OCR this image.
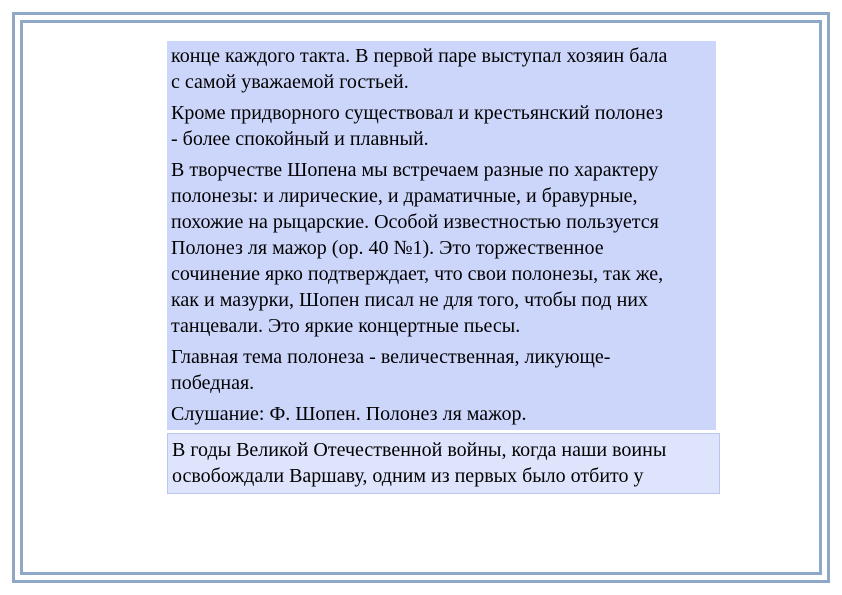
конце каждого такта. В первой паре выступал хозяин бала
с самой уважаемой гостьей.

Кроме придворного существовал и крестьянский полонез
- более спокойный и плавный.

В творчестве Шопена мы встречаем разные по характеру
полонезы: и лирические, и драматичные, и бравурные,
похожие на рыцарские. Особой известностью пользуется
Полонез ля мажор (ор. 40 №1). Это торжественное
сочинение ярко подтверждает, что свои полонезы, так же,
как и мазурки, Шопен писал не для того, чтобы под них
танцевали. Это яркие концертные пьесы.

Главная тема полонеза - величественная, ликующе-
победная.

Слушание: Ф. Шопен. Полонез ля мажор.

В годы Великой Отечественной войны, когда наши воины
освобождали Варшаву, одним из первых было отбито у
